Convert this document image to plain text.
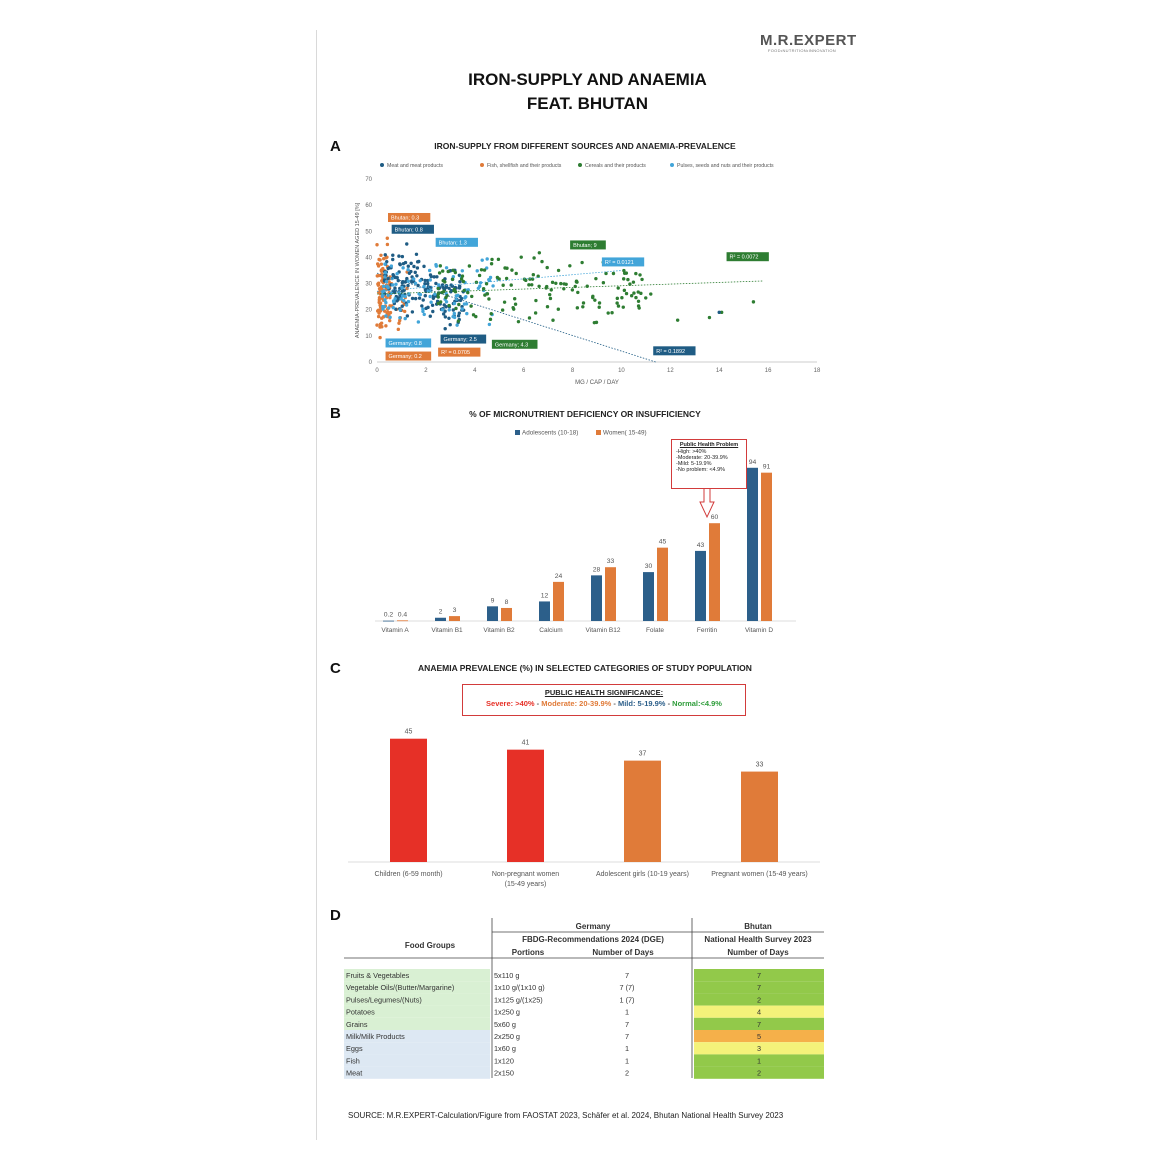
M.R.EXPERT
FOOD•NUTRITION•INNOVATION
IRON-SUPPLY AND ANAEMIA
FEAT. BHUTAN
A	IRON-SUPPLY FROM DIFFERENT SOURCES AND ANAEMIA-PREVALENCE
Meat and meat products	Fish, shellfish and their products	Cereals and their products	Pulses, seeds and nuts and their products
0	2	4	6	8	10	12	14	16	18
0
10
20
30
40
50
60
70
MG / CAP / DAY
ANAEMIA-PREVALENCE IN WOMEN AGED 15-49 [%]	Bhutan; 0.3
Bhutan; 0.8
Bhutan; 1.3	Bhutan; 9
Germany; 0.8
Germany; 0.2
Germany; 2.5
Germany; 4.3
R² = 0.0121
R² = 0.0072
R² = 0.0705	R² = 0.1892
B	% OF MICRONUTRIENT DEFICIENCY OR INSUFFICIENCY
Adolescents (10-18)	Women( 15-49)
0.2 0.4
Vitamin A
2 3
Vitamin B1
9 8
Vitamin B2
12
24
Calcium
28
33
Vitamin B12
30
45
Folate
43
60
Ferritin
94
91
Vitamin D
Public Health Problem
-High: >40%
-Moderate: 20-39.9%
-Mild: 5-19.9%
-No problem: <4.9%
C	ANAEMIA PREVALENCE (%) IN SELECTED CATEGORIES OF STUDY POPULATION
PUBLIC HEALTH SIGNIFICANCE:
Severe: >40% - Moderate: 20-39.9% - Mild: 5-19.9% - Normal:<4.9%
45
Children (6-59 month)
41
Non-pregnant women
(15-49 years)
37
Adolescent girls (10-19 years)
33
Pregnant women (15-49 years)
D
Food Groups
Germany	Bhutan
FBDG-Recommendations 2024 (DGE)	National Health Survey 2023
Portions	Number of Days	Number of Days
Fruits & Vegetables	5x110 g	7	7
Vegetable Oils/(Butter/Margarine)	1x10 g/(1x10 g)	7 (7)	7
Pulses/Legumes/(Nuts)	1x125 g/(1x25)	1 (7)	2
Potatoes	1x250 g	1	4
Grains	5x60 g	7	7
Milk/Milk Products	2x250 g	7	5
Eggs	1x60 g	1	3
Fish	1x120	1	1
Meat	2x150	2	2
SOURCE: M.R.EXPERT-Calculation/Figure from FAOSTAT 2023, Schäfer et al. 2024, Bhutan National Health Survey 2023
